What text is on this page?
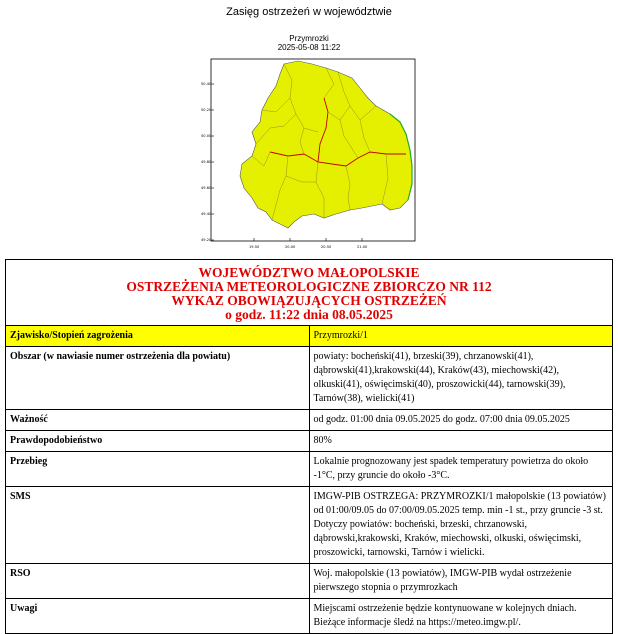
Zasięg ostrzeżeń w województwie
Przymrozki
2025-05-08 11:22
50.40
50.20
50.00
49.80
49.60
49.40
49.20
19.50	20.00	20.50	21.00
WOJEWÓDZTWO MAŁOPOLSKIE
OSTRZEŻENIA METEOROLOGICZNE ZBIORCZO NR 112
WYKAZ OBOWIĄZUJĄCYCH OSTRZEŻEŃ
o godz. 11:22 dnia 08.05.2025	

Zjawisko/Stopień zagrożenia	Przymrozki/1
Obszar (w nawiasie numer ostrzeżenia dla powiatu)	powiaty: bocheński(41), brzeski(39), chrzanowski(41), dąbrowski(41),krakowski(44), Kraków(43), miechowski(42), olkuski(41), oświęcimski(40), proszowicki(44), tarnowski(39), Tarnów(38), wielicki(41)
Ważność	od godz. 01:00 dnia 09.05.2025 do godz. 07:00 dnia 09.05.2025
Prawdopodobieństwo	80%
Przebieg	Lokalnie prognozowany jest spadek temperatury powietrza do około -1°C, przy gruncie do około -3°C.
SMS	IMGW-PIB OSTRZEGA: PRZYMROZKI/1 małopolskie (13 powiatów) od 01:00/09.05 do 07:00/09.05.2025 temp. min -1 st., przy gruncie -3 st. Dotyczy powiatów: bocheński, brzeski, chrzanowski, dąbrowski,krakowski, Kraków, miechowski, olkuski, oświęcimski, proszowicki, tarnowski, Tarnów i wielicki.
RSO	Woj. małopolskie (13 powiatów), IMGW-PIB wydał ostrzeżenie pierwszego stopnia o przymrozkach
Uwagi	Miejscami ostrzeżenie będzie kontynuowane w kolejnych dniach. Bieżące informacje śledź na https://meteo.imgw.pl/.
